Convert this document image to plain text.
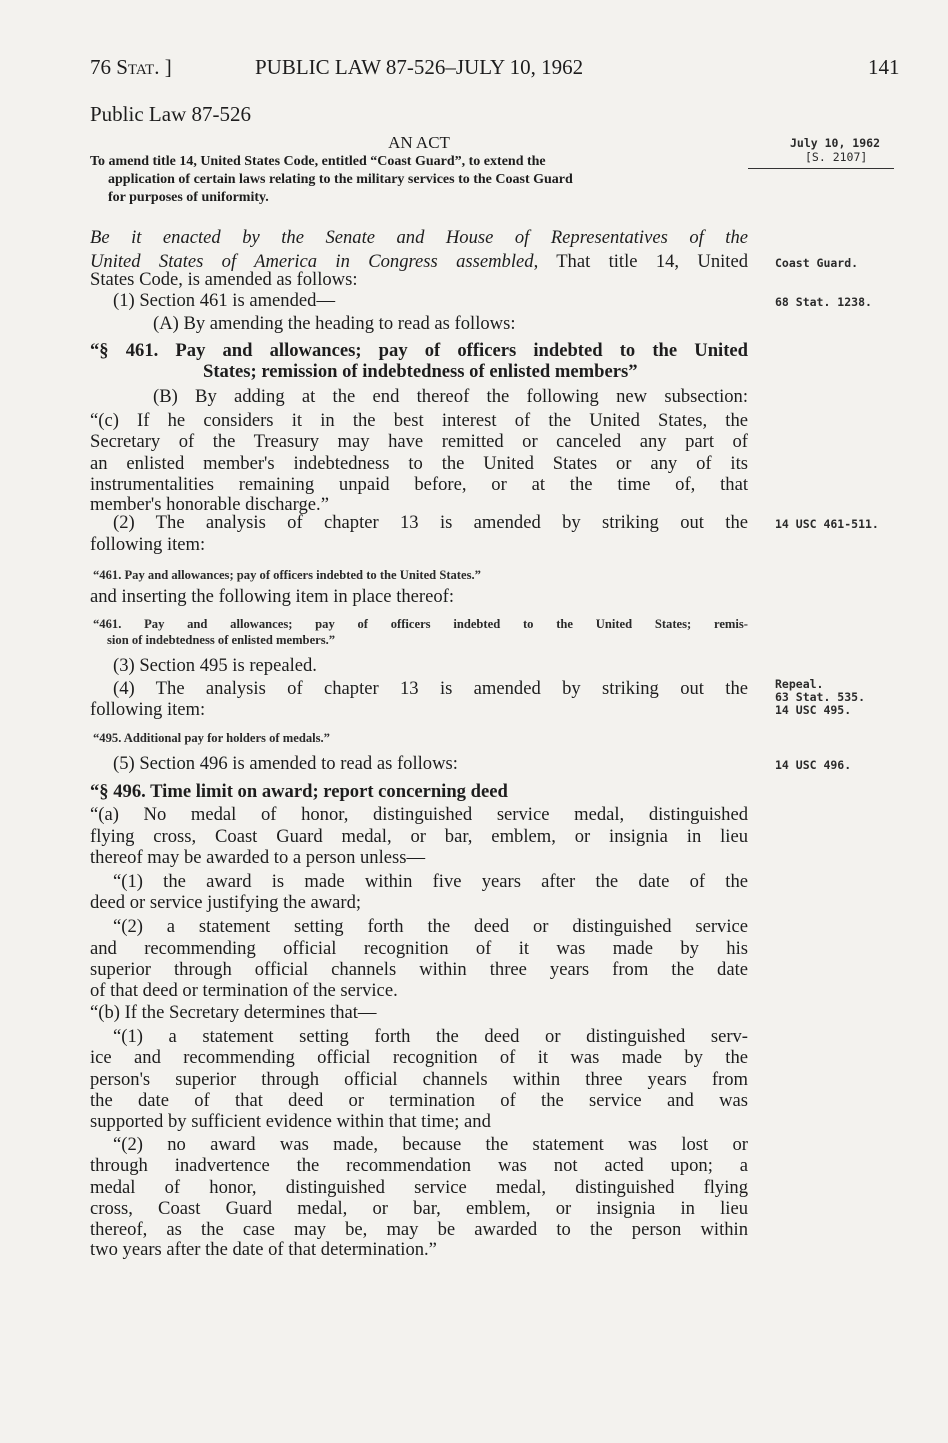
76 Stat. ]	PUBLIC LAW 87-526–JULY 10, 1962	141
Public Law 87-526
AN ACT
To amend title 14, United States Code, entitled “Coast Guard”, to extend the
application of certain laws relating to the military services to the Coast Guard
for purposes of uniformity.
July 10, 1962
[S. 2107]
Coast Guard.
68 Stat. 1238.
14 USC 461-511.
Repeal.
63 Stat. 535.
14 USC 495.
14 USC 496.
Be it enacted by the Senate and House of Representatives of the
United States of America in Congress assembled, That title 14, United
States Code, is amended as follows:
(1) Section 461 is amended—
(A) By amending the heading to read as follows:
“§ 461. Pay and allowances; pay of officers indebted to the United
States; remission of indebtedness of enlisted members”
(B) By adding at the end thereof the following new subsection:
“(c) If he considers it in the best interest of the United States, the
Secretary of the Treasury may have remitted or canceled any part of
an enlisted member's indebtedness to the United States or any of its
instrumentalities remaining unpaid before, or at the time of, that
member's honorable discharge.”
(2) The analysis of chapter 13 is amended by striking out the
following item:
“461. Pay and allowances; pay of officers indebted to the United States.”
and inserting the following item in place thereof:
“461. Pay and allowances; pay of officers indebted to the United States; remis-
sion of indebtedness of enlisted members.”
(3) Section 495 is repealed.
(4) The analysis of chapter 13 is amended by striking out the
following item:
“495. Additional pay for holders of medals.”
(5) Section 496 is amended to read as follows:
“§ 496. Time limit on award; report concerning deed
“(a) No medal of honor, distinguished service medal, distinguished
flying cross, Coast Guard medal, or bar, emblem, or insignia in lieu
thereof may be awarded to a person unless—
“(1) the award is made within five years after the date of the
deed or service justifying the award;
“(2) a statement setting forth the deed or distinguished service
and recommending official recognition of it was made by his
superior through official channels within three years from the date
of that deed or termination of the service.
“(b) If the Secretary determines that—
“(1) a statement setting forth the deed or distinguished serv-
ice and recommending official recognition of it was made by the
person's superior through official channels within three years from
the date of that deed or termination of the service and was
supported by sufficient evidence within that time; and
“(2) no award was made, because the statement was lost or
through inadvertence the recommendation was not acted upon; a
medal of honor, distinguished service medal, distinguished flying
cross, Coast Guard medal, or bar, emblem, or insignia in lieu
thereof, as the case may be, may be awarded to the person within
two years after the date of that determination.”
